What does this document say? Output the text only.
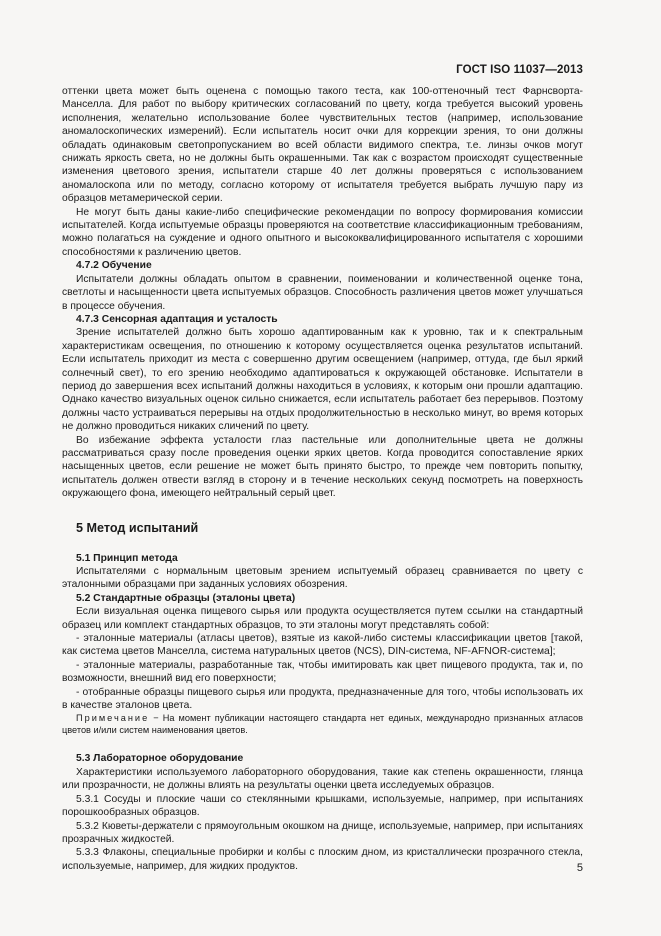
ГОСТ ISO 11037—2013

оттенки цвета может быть оценена с помощью такого теста, как 100-оттеночный тест Фарнсворта-Манселла. Для работ по выбору критических согласований по цвету, когда требуется высокий уровень исполнения, желательно использование более чувствительных тестов (например, использование аномалоскопических измерений). Если испытатель носит очки для коррекции зрения, то они должны обладать одинаковым светопропусканием во всей области видимого спектра, т.е. линзы очков могут снижать яркость света, но не должны быть окрашенными. Так как с возрастом происходят существенные изменения цветового зрения, испытатели старше 40 лет должны проверяться с использованием аномалоскопа или по методу, согласно которому от испытателя требуется выбрать лучшую пару из образцов метамерической серии.

Не могут быть даны какие-либо специфические рекомендации по вопросу формирования комиссии испытателей. Когда испытуемые образцы проверяются на соответствие классификационным требованиям, можно полагаться на суждение и одного опытного и высококвалифицированного испытателя с хорошими способностями к различению цветов.

4.7.2 Обучение

Испытатели должны обладать опытом в сравнении, поименовании и количественной оценке тона, светлоты и насыщенности цвета испытуемых образцов. Способность различения цветов может улучшаться в процессе обучения.

4.7.3 Сенсорная адаптация и усталость

Зрение испытателей должно быть хорошо адаптированным как к уровню, так и к спектральным характеристикам освещения, по отношению к которому осуществляется оценка результатов испытаний. Если испытатель приходит из места с совершенно другим освещением (например, оттуда, где был яркий солнечный свет), то его зрению необходимо адаптироваться к окружающей обстановке. Испытатели в период до завершения всех испытаний должны находиться в условиях, к которым они прошли адаптацию. Однако качество визуальных оценок сильно снижается, если испытатель работает без перерывов. Поэтому должны часто устраиваться перерывы на отдых продолжительностью в несколько минут, во время которых не должно проводиться никаких сличений по цвету.

Во избежание эффекта усталости глаз пастельные или дополнительные цвета не должны рассматриваться сразу после проведения оценки ярких цветов. Когда проводится сопоставление ярких насыщенных цветов, если решение не может быть принято быстро, то прежде чем повторить попытку, испытатель должен отвести взгляд в сторону и в течение нескольких секунд посмотреть на поверхность окружающего фона, имеющего нейтральный серый цвет.

5 Метод испытаний

5.1 Принцип метода

Испытателями с нормальным цветовым зрением испытуемый образец сравнивается по цвету с эталонными образцами при заданных условиях обозрения.

5.2 Стандартные образцы (эталоны цвета)

Если визуальная оценка пищевого сырья или продукта осуществляется путем ссылки на стандартный образец или комплект стандартных образцов, то эти эталоны могут представлять собой:

- эталонные материалы (атласы цветов), взятые из какой-либо системы классификации цветов [такой, как система цветов Манселла, система натуральных цветов (NCS), DIN-система, NF-AFNOR-система];

- эталонные материалы, разработанные так, чтобы имитировать как цвет пищевого продукта, так и, по возможности, внешний вид его поверхности;

- отобранные образцы пищевого сырья или продукта, предназначенные для того, чтобы использовать их в качестве эталонов цвета.

Примечание − На момент публикации настоящего стандарта нет единых, международно признанных атласов цветов и/или систем наименования цветов.

5.3 Лабораторное оборудование

Характеристики используемого лабораторного оборудования, такие как степень окрашенности, глянца или прозрачности, не должны влиять на результаты оценки цвета исследуемых образцов.

5.3.1 Сосуды и плоские чаши со стеклянными крышками, используемые, например, при испытаниях порошкообразных образцов.

5.3.2 Кюветы-держатели с прямоугольным окошком на днище, используемые, например, при испытаниях прозрачных жидкостей.

5.3.3 Флаконы, специальные пробирки и колбы с плоским дном, из кристаллически прозрачного стекла, используемые, например, для жидких продуктов.	5
